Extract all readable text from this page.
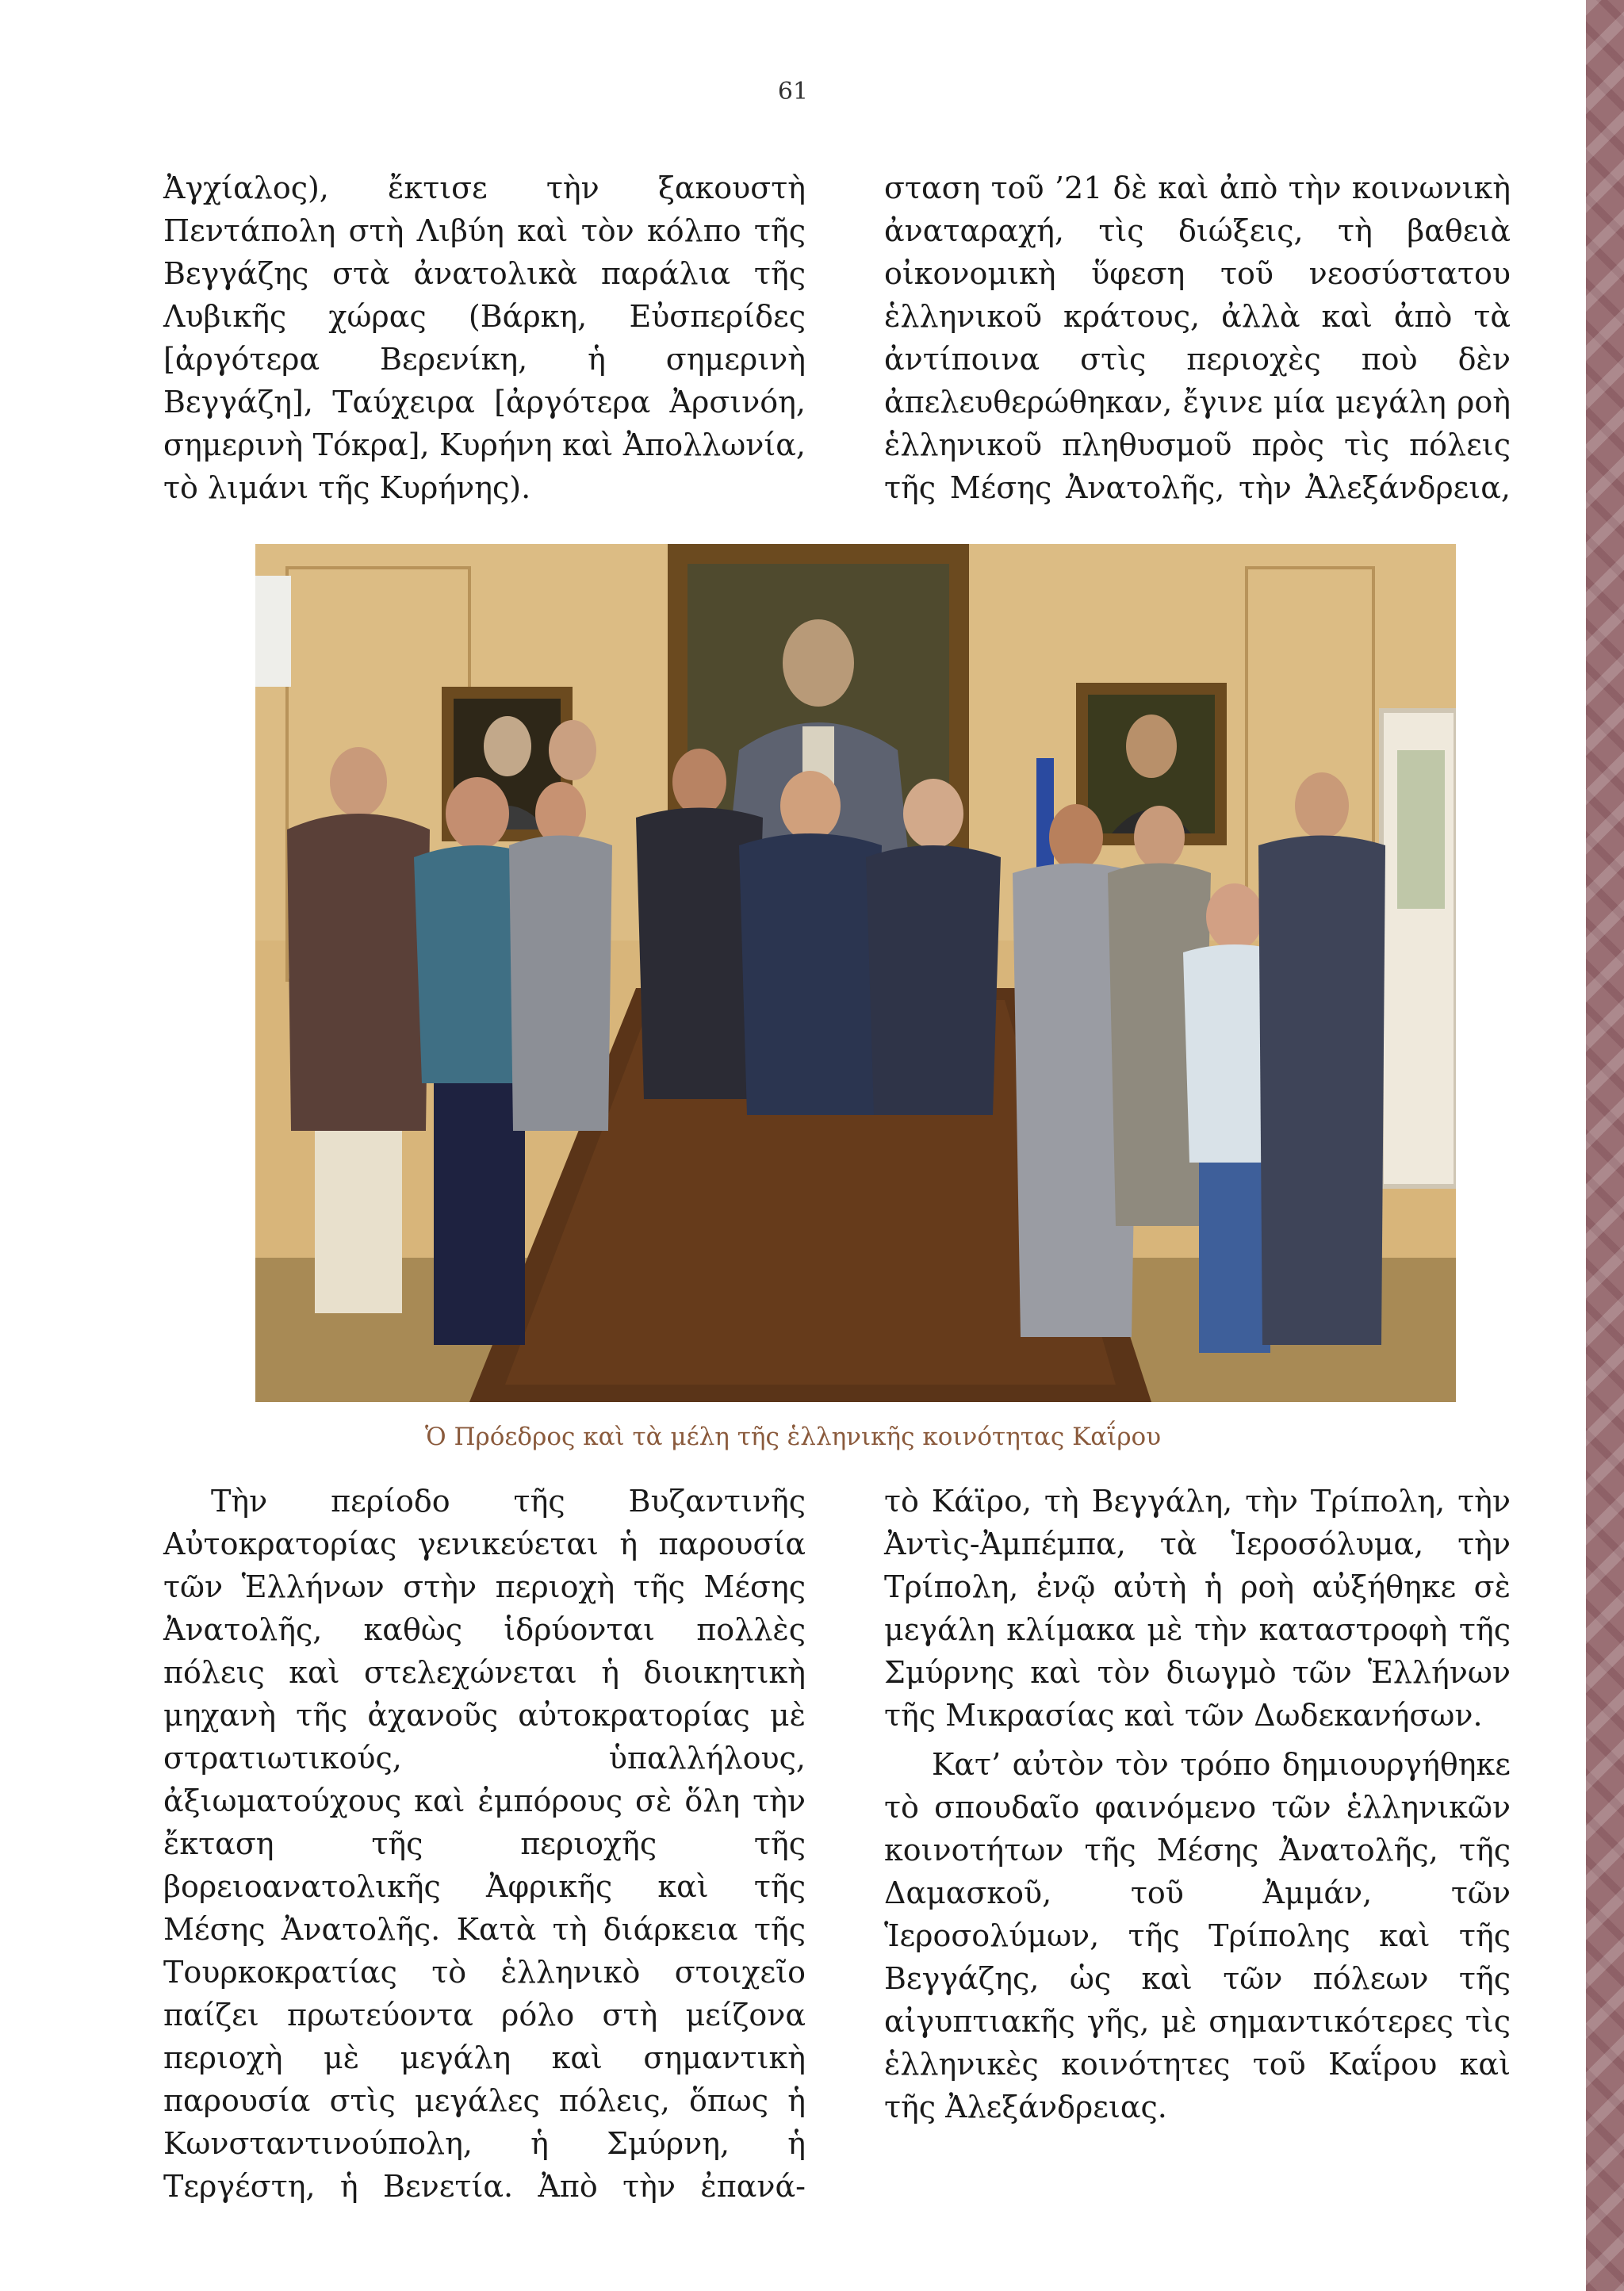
61

Ἀγχίαλος), ἔκτισε τὴν ξακουστὴ Πεντάπολη στὴ Λιβύη καὶ τὸν κόλπο τῆς Βεγγάζης στὰ ἀνατολικὰ παράλια τῆς Λυβικῆς χώρας (Βάρκη, Εὐσπερίδες [ἀργότερα Βερενίκη, ἡ σημερινὴ Βεγγάζη], Ταύχειρα [ἀργότερα Ἀρσινόη, σημερινὴ Τόκρα], Κυρήνη καὶ Ἀπολλωνία, τὸ λιμάνι τῆς Κυρήνης).

σταση τοῦ ’21 δὲ καὶ ἀπὸ τὴν κοινωνικὴ ἀναταραχή, τὶς διώξεις, τὴ βαθειὰ οἰκονομικὴ ὕφεση τοῦ νεοσύστατου ἑλληνικοῦ κράτους, ἀλλὰ καὶ ἀπὸ τὰ ἀντίποινα στὶς περιοχὲς ποὺ δὲν ἀπελευθερώθηκαν, ἔγινε μία μεγάλη ροὴ ἑλληνικοῦ πληθυσμοῦ πρὸς τὶς πόλεις τῆς Μέσης Ἀνατολῆς, τὴν Ἀλεξάνδρεια,

Ὁ Πρόεδρος καὶ τὰ μέλη τῆς ἑλληνικῆς κοινότητας Καΐρου

Τὴν περίοδο τῆς Βυζαντινῆς Αὐτοκρατορίας γενικεύεται ἡ παρουσία τῶν Ἑλλήνων στὴν περιοχὴ τῆς Μέσης Ἀνατολῆς, καθὼς ἱδρύονται πολλὲς πόλεις καὶ στελεχώνεται ἡ διοικητικὴ μηχανὴ τῆς ἀχανοῦς αὐτοκρατορίας μὲ στρατιωτικούς, ὑπαλλήλους, ἀξιωματούχους καὶ ἐμπόρους σὲ ὅλη τὴν ἔκταση τῆς περιοχῆς τῆς βορειοανατολικῆς Ἀφρικῆς καὶ τῆς Μέσης Ἀνατολῆς. Κατὰ τὴ διάρκεια τῆς Τουρκοκρατίας τὸ ἑλληνικὸ στοιχεῖο παίζει πρωτεύοντα ρόλο στὴ μείζονα περιοχὴ μὲ μεγάλη καὶ σημαντικὴ παρουσία στὶς μεγάλες πόλεις, ὅπως ἡ Κωνσταντινούπολη, ἡ Σμύρνη, ἡ Τεργέστη, ἡ Βενετία. Ἀπὸ τὴν ἐπανά-

τὸ Κάϊρο, τὴ Βεγγάλη, τὴν Τρίπολη, τὴν Ἀντὶς-Ἀμπέμπα, τὰ Ἱεροσόλυμα, τὴν Τρίπολη, ἐνῷ αὐτὴ ἡ ροὴ αὐξήθηκε σὲ μεγάλη κλίμακα μὲ τὴν καταστροφὴ τῆς Σμύρνης καὶ τὸν διωγμὸ τῶν Ἑλλήνων τῆς Μικρασίας καὶ τῶν Δωδεκανήσων.

Κατ’ αὐτὸν τὸν τρόπο δημιουργήθηκε τὸ σπουδαῖο φαινόμενο τῶν ἑλληνικῶν κοινοτήτων τῆς Μέσης Ἀνατολῆς, τῆς Δαμασκοῦ, τοῦ Ἀμμάν, τῶν Ἱεροσολύμων, τῆς Τρίπολης καὶ τῆς Βεγγάζης, ὡς καὶ τῶν πόλεων τῆς αἰγυπτιακῆς γῆς, μὲ σημαντικότερες τὶς ἑλληνικὲς κοινότητες τοῦ Καΐρου καὶ τῆς Ἀλεξάνδρειας.
